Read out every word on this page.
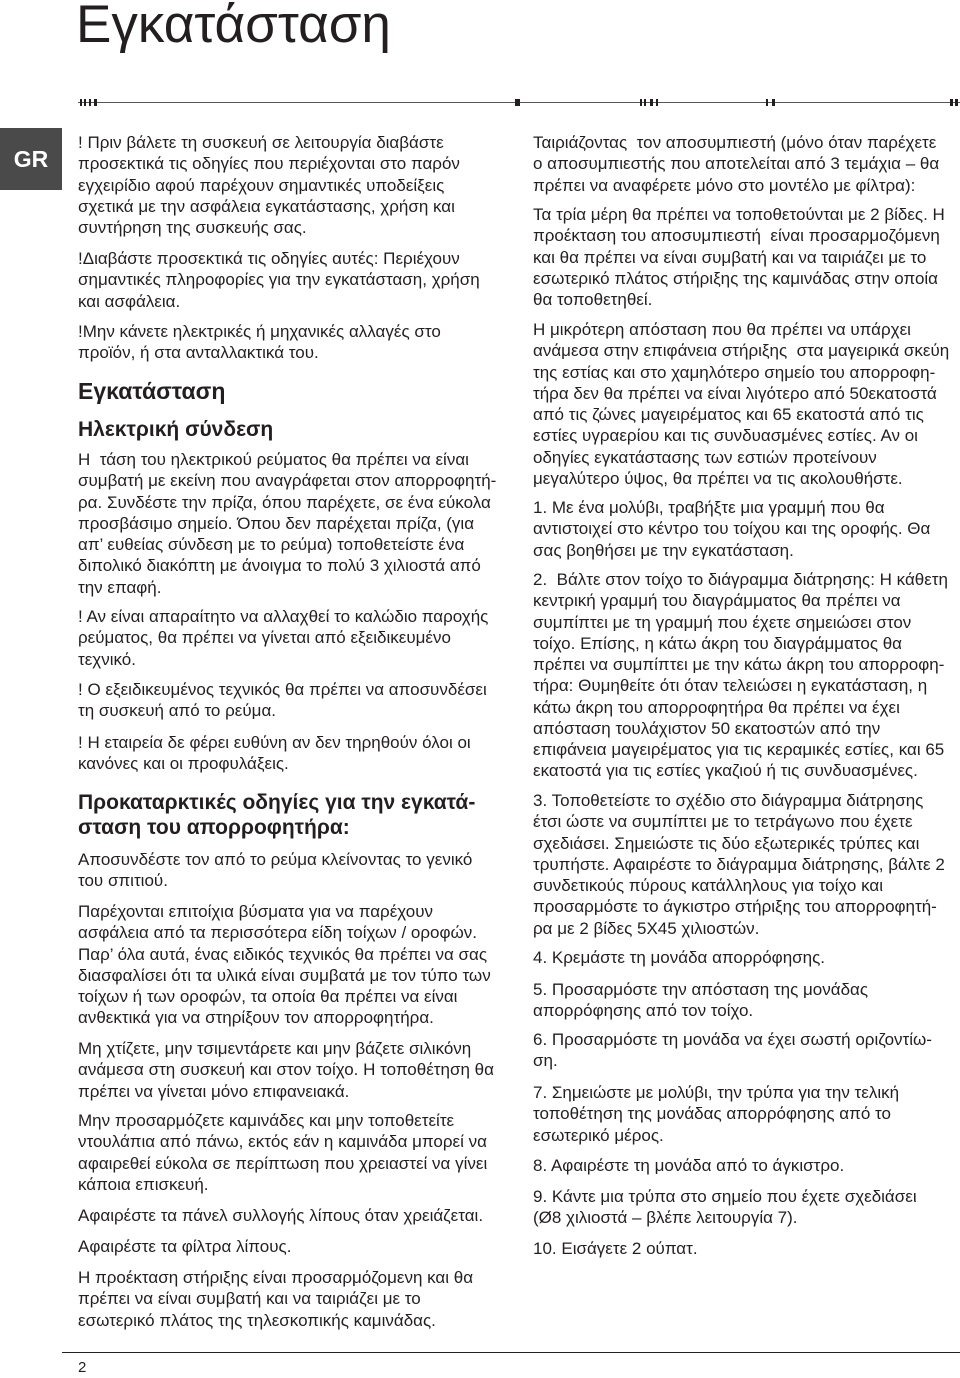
Εγκατάσταση
GR
! Πριν βάλετε τη συσκευή σε λειτουργία διαβάστε
προσεκτικά τις οδηγίες που περιέχονται στο παρόν
εγχειρίδιο αφού παρέχουν σημαντικές υποδείξεις
σχετικά με την ασφάλεια εγκατάστασης, χρήση και
συντήρηση της συσκευής σας.
!Διαβάστε προσεκτικά τις οδηγίες αυτές: Περιέχουν
σημαντικές πληροφορίες για την εγκατάσταση, χρήση
και ασφάλεια.
!Μην κάνετε ηλεκτρικές ή μηχανικές αλλαγές στο
προϊόν, ή στα ανταλλακτικά του.
Εγκατάσταση
Ηλεκτρική σύνδεση
Η  τάση του ηλεκτρικού ρεύματος θα πρέπει να είναι
συμβατή με εκείνη που αναγράφεται στον απορροφητή-
ρα. Συνδέστε την πρίζα, όπου παρέχετε, σε ένα εύκολα
προσβάσιμο σημείο. Όπου δεν παρέχεται πρίζα, (για
απ’ ευθείας σύνδεση με το ρεύμα) τοποθετείστε ένα
διπολικό διακόπτη με άνοιγμα το πολύ 3 χιλιοστά από
την επαφή.
! Αν είναι απαραίτητο να αλλαχθεί το καλώδιο παροχής
ρεύματος, θα πρέπει να γίνεται από εξειδικευμένο
τεχνικό.
! Ο εξειδικευμένος τεχνικός θα πρέπει να αποσυνδέσει
τη συσκευή από το ρεύμα.
! Η εταιρεία δε φέρει ευθύνη αν δεν τηρηθούν όλοι οι
κανόνες και οι προφυλάξεις.
Προκαταρκτικές οδηγίες για την εγκατά-
σταση του απορροφητήρα:
Αποσυνδέστε τον από το ρεύμα κλείνοντας το γενικό
του σπιτιού.
Παρέχονται επιτοίχια βύσματα για να παρέχουν
ασφάλεια από τα περισσότερα είδη τοίχων / οροφών.
Παρ’ όλα αυτά, ένας ειδικός τεχνικός θα πρέπει να σας
διασφαλίσει ότι τα υλικά είναι συμβατά με τον τύπο των
τοίχων ή των οροφών, τα οποία θα πρέπει να είναι
ανθεκτικά για να στηρίξουν τον απορροφητήρα.
Μη χτίζετε, μην τσιμεντάρετε και μην βάζετε σιλικόνη
ανάμεσα στη συσκευή και στον τοίχο. Η τοποθέτηση θα
πρέπει να γίνεται μόνο επιφανειακά.
Μην προσαρμόζετε καμινάδες και μην τοποθετείτε
ντουλάπια από πάνω, εκτός εάν η καμινάδα μπορεί να
αφαιρεθεί εύκολα σε περίπτωση που χρειαστεί να γίνει
κάποια επισκευή.
Αφαιρέστε τα πάνελ συλλογής λίπους όταν χρειάζεται.
Αφαιρέστε τα φίλτρα λίπους.
Η προέκταση στήριξης είναι προσαρμόζομενη και θα
πρέπει να είναι συμβατή και να ταιριάζει με το
εσωτερικό πλάτος της τηλεσκοπικής καμινάδας.
Ταιριάζοντας  τον αποσυμπιεστή (μόνο όταν παρέχετε
ο αποσυμπιεστής που αποτελείται από 3 τεμάχια – θα
πρέπει να αναφέρετε μόνο στο μοντέλο με φίλτρα):
Τα τρία μέρη θα πρέπει να τοποθετούνται με 2 βίδες. Η
προέκταση του αποσυμπιεστή  είναι προσαρμοζόμενη
και θα πρέπει να είναι συμβατή και να ταιριάζει με το
εσωτερικό πλάτος στήριξης της καμινάδας στην οποία
θα τοποθετηθεί.
Η μικρότερη απόσταση που θα πρέπει να υπάρχει
ανάμεσα στην επιφάνεια στήριξης  στα μαγειρικά σκεύη
της εστίας και στο χαμηλότερο σημείο του απορροφη-
τήρα δεν θα πρέπει να είναι λιγότερο από 50εκατοστά
από τις ζώνες μαγειρέματος και 65 εκατοστά από τις
εστίες υγραερίου και τις συνδυασμένες εστίες. Αν οι
οδηγίες εγκατάστασης των εστιών προτείνουν
μεγαλύτερο ύψος, θα πρέπει να τις ακολουθήστε.
1. Με ένα μολύβι, τραβήξτε μια γραμμή που θα
αντιστοιχεί στο κέντρο του τοίχου και της οροφής. Θα
σας βοηθήσει με την εγκατάσταση.
2.  Βάλτε στον τοίχο το διάγραμμα διάτρησης: Η κάθετη
κεντρική γραμμή του διαγράμματος θα πρέπει να
συμπίπτει με τη γραμμή που έχετε σημειώσει στον
τοίχο. Επίσης, η κάτω άκρη του διαγράμματος θα
πρέπει να συμπίπτει με την κάτω άκρη του απορροφη-
τήρα: Θυμηθείτε ότι όταν τελειώσει η εγκατάσταση, η
κάτω άκρη του απορροφητήρα θα πρέπει να έχει
απόσταση τουλάχιστον 50 εκατοστών από την
επιφάνεια μαγειρέματος για τις κεραμικές εστίες, και 65
εκατοστά για τις εστίες γκαζιού ή τις συνδυασμένες.
3. Τοποθετείστε το σχέδιο στο διάγραμμα διάτρησης
έτσι ώστε να συμπίπτει με το τετράγωνο που έχετε
σχεδιάσει. Σημειώστε τις δύο εξωτερικές τρύπες και
τρυπήστε. Αφαιρέστε το διάγραμμα διάτρησης, βάλτε 2
συνδετικούς πύρους κατάλληλους για τοίχο και
προσαρμόστε το άγκιστρο στήριξης του απορροφητή-
ρα με 2 βίδες 5Χ45 χιλιοστών.
4. Κρεμάστε τη μονάδα απορρόφησης.
5. Προσαρμόστε την απόσταση της μονάδας
απορρόφησης από τον τοίχο.
6. Προσαρμόστε τη μονάδα να έχει σωστή οριζοντίω-
ση.
7. Σημειώστε με μολύβι, την τρύπα για την τελική
τοποθέτηση της μονάδας απορρόφησης από το
εσωτερικό μέρος.
8. Αφαιρέστε τη μονάδα από το άγκιστρο.
9. Κάντε μια τρύπα στο σημείο που έχετε σχεδιάσει
(Ø8 χιλιοστά – βλέπε λειτουργία 7).
10. Εισάγετε 2 ούπατ.
2
